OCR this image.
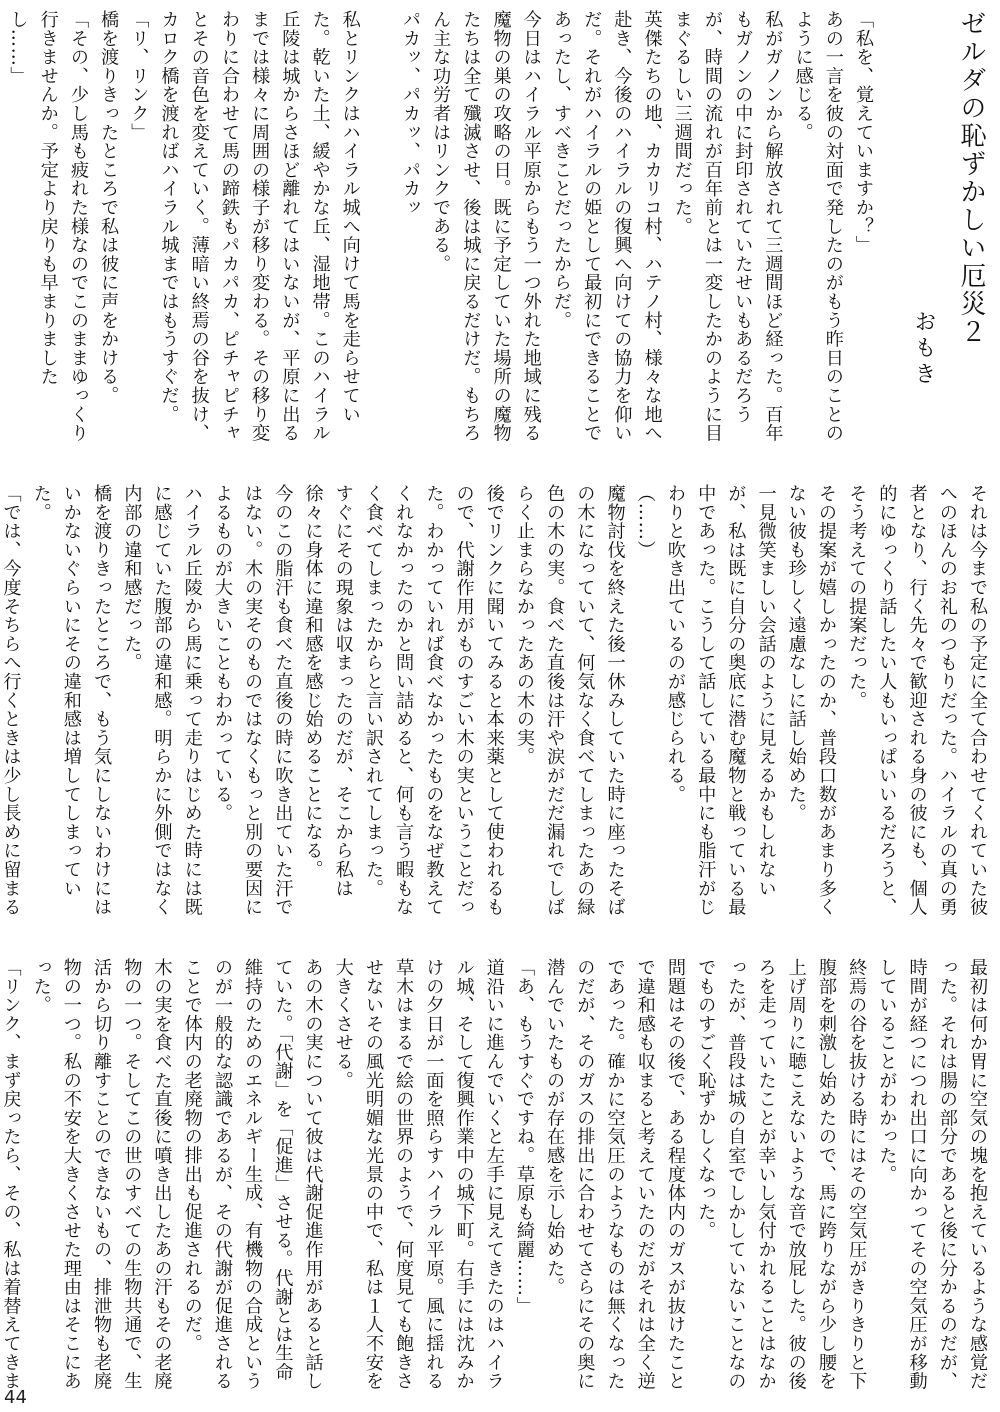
ゼルダの恥ずかしい厄災２
おもき

「私を、覚えていますか？」

あの一言を彼の対面で発したのがもう昨日のことのように感じる。

私がガノンから解放されて三週間ほど経った。百年もガノンの中に封印されていたせいもあるだろうが、時間の流れが百年前とは一変したかのように目まぐるしい三週間だった。

英傑たちの地、カカリコ村、ハテノ村、様々な地へ赴き、今後のハイラルの復興へ向けての協力を仰いだ。それがハイラルの姫として最初にできることであったし、すべきことだったからだ。

今日はハイラル平原からもう一つ外れた地域に残る魔物の巣の攻略の日。既に予定していた場所の魔物たちは全て殲滅させ、後は城に戻るだけだ。もちろん主な功労者はリンクである。

パカッ、パカッ、パカッ

私とリンクはハイラル城へ向けて馬を走らせていた。乾いた土、緩やかな丘、湿地帯。このハイラル丘陵は城からさほど離れてはいないが、平原に出るまでは様々に周囲の様子が移り変わる。その移り変わりに合わせて馬の蹄鉄もパカパカ、ピチャピチャとその音色を変えていく。薄暗い終焉の谷を抜け、カロク橋を渡ればハイラル城まではもうすぐだ。

「リ、リンク」

橋を渡りきったところで私は彼に声をかける。

「その、少し馬も疲れた様なのでこのままゆっくり行きませんか。予定より戻りも早まりましたし……」

それは今まで私の予定に全て合わせてくれていた彼へのほんのお礼のつもりだった。ハイラルの真の勇者となり、行く先々で歓迎される身の彼にも、個人的にゆっくり話したい人もいっぱいいるだろうと、そう考えての提案だった。

その提案が嬉しかったのか、普段口数があまり多くない彼も珍しく遠慮なしに話し始めた。

一見微笑ましい会話のように見えるかもしれないが、私は既に自分の奥底に潜む魔物と戦っている最中であった。こうして話している最中にも脂汗がじわりと吹き出ているのが感じられる。

（……）

魔物討伐を終えた後一休みしていた時に座ったそばの木になっていて、何気なく食べてしまったあの緑色の木の実。食べた直後は汗や涙がだだ漏れでしばらく止まらなかったあの木の実。

後でリンクに聞いてみると本来薬として使われるもので、代謝作用がものすごい木の実ということだった。わかっていれば食べなかったものをなぜ教えてくれなかったのかと問い詰めると、何も言う暇もなく食べてしまったからと言い訳されてしまった。

すぐにその現象は収まったのだが、そこから私は徐々に身体に違和感を感じ始めることになる。

今のこの脂汗も食べた直後の時に吹き出ていた汗ではない。木の実そのものではなくもっと別の要因によるものが大きいこともわかっている。

ハイラル丘陵から馬に乗って走りはじめた時には既に感じていた腹部の違和感。明らかに外側ではなく内部の違和感だった。

橋を渡りきったところで、もう気にしないわけにはいかないぐらいにその違和感は増してしまっていた。

「では、今度そちらへ行くときは少し長めに留まる

最初は何か胃に空気の塊を抱えているような感覚だった。それは腸の部分であると後に分かるのだが、時間が経つにつれ出口に向かってその空気圧が移動していることがわかった。

終焉の谷を抜ける時にはその空気圧がきりきりと下腹部を刺激し始めたので、馬に跨りながら少し腰を上げ周りに聴こえないような音で放屁した。彼の後ろを走っていたことが幸いし気付かれることはなかったが、普段は城の自室でしかしていないことなのでものすごく恥ずかしくなった。

問題はその後で、ある程度体内のガスが抜けたことで違和感も収まると考えていたのだがそれは全く逆であった。確かに空気圧のようなものは無くなったのだが、そのガスの排出に合わせてさらにその奥に潜んでいたものが存在感を示し始めた。

「あ、もうすぐですね。草原も綺麗……」

道沿いに進んでいくと左手に見えてきたのはハイラル城、そして復興作業中の城下町。右手には沈みかけの夕日が一面を照らすハイラル平原。風に揺れる草木はまるで絵の世界のようで、何度見ても飽きさせないその風光明媚な光景の中で、私は１人不安を大きくさせる。

あの木の実について彼は代謝促進作用があると話していた。「代謝」を「促進」させる。代謝とは生命維持のためのエネルギー生成、有機物の合成というのが一般的な認識であるが、その代謝が促進されることで体内の老廃物の排出も促進されるのだ。

木の実を食べた直後に噴き出したあの汗もその老廃物の一つ。そしてこの世のすべての生物共通で、生活から切り離すことのできないもの、排泄物も老廃物の一つ。私の不安を大きくさせた理由はそこにあった。

「リンク、まず戻ったら、その、私は着替えてきま

44
